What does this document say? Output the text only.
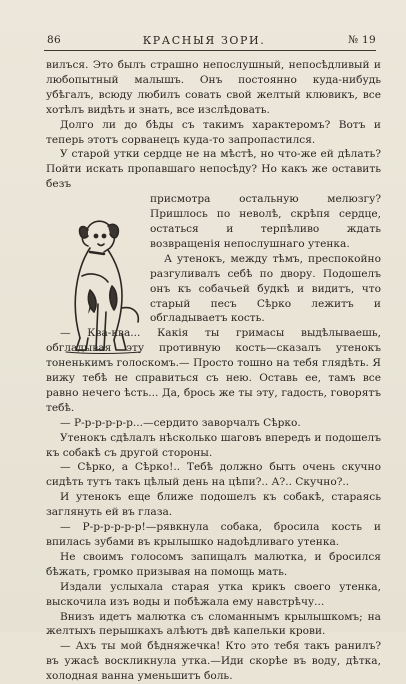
86	КРАСНЫЯ ЗОРИ.	№ 19

вилъся. Это былъ страшно непослушный, непосѣдливый и любопытный малышъ. Онъ постоянно куда-нибудь убѣгалъ, всюду любилъ совать свой желтый клювикъ, все хотѣлъ видѣть и знать, все изслѣдовать.

Долго ли до бѣды съ такимъ характеромъ? Вотъ и теперь этотъ сорванецъ куда-то запропастился.

У старой утки сердце не на мѣстѣ, но что-же ей дѣлать? Пойти искать пропавшаго непосѣду? Но какъ же оставить безъ

присмотра остальную мелюзгу? Пришлось по неволѣ, скрѣпя сердце, остаться и терпѣливо ждать возвращенія непослушнаго утенка.

А утенокъ, между тѣмъ, преспокойно разгуливалъ себѣ по двору. Подошелъ онъ къ собачьей будкѣ и видитъ, что старый песъ Сѣрко лежитъ и обгладываетъ кость.

— Ква-ква... Какія ты гримасы выдѣлываешь, обгладывая эту противную кость—сказалъ утенокъ тоненькимъ голоскомъ.— Просто тошно на тебя глядѣть. Я вижу тебѣ не справиться съ нею. Оставь ее, тамъ все равно нечего ѣсть... Да, брось же ты эту, гадость, говорятъ тебѣ.

— Р-р-р-р-р-р...—сердито заворчалъ Сѣрко.

Утенокъ сдѣлалъ нѣсколько шаговъ впередъ и подошелъ къ собакѣ съ другой стороны.

— Сѣрко, а Сѣрко!.. Тебѣ должно быть очень скучно сидѣть тутъ такъ цѣлый день на цѣпи?.. А?.. Скучно?..

И утенокъ еще ближе подошелъ къ собакѣ, стараясь заглянуть ей въ глаза.

— Р-р-р-р-р-р!—рявкнула собака, бросила кость и впилась зубами въ крылышко надоѣдливаго утенка.

Не своимъ голосомъ запищалъ малютка, и бросился бѣжать, громко призывая на помощь мать.

Издали услыхала старая утка крикъ своего утенка, выскочила изъ воды и побѣжала ему навстрѣчу...

Внизъ идетъ малютка съ сломаннымъ крылышкомъ; на желтыхъ перышкахъ алѣютъ двѣ капельки крови.

— Ахъ ты мой бѣдняжечка! Кто это тебя такъ ранилъ? въ ужасѣ воскликнула утка.—Иди скорѣе въ воду, дѣтка, холодная ванна уменьшитъ боль.
